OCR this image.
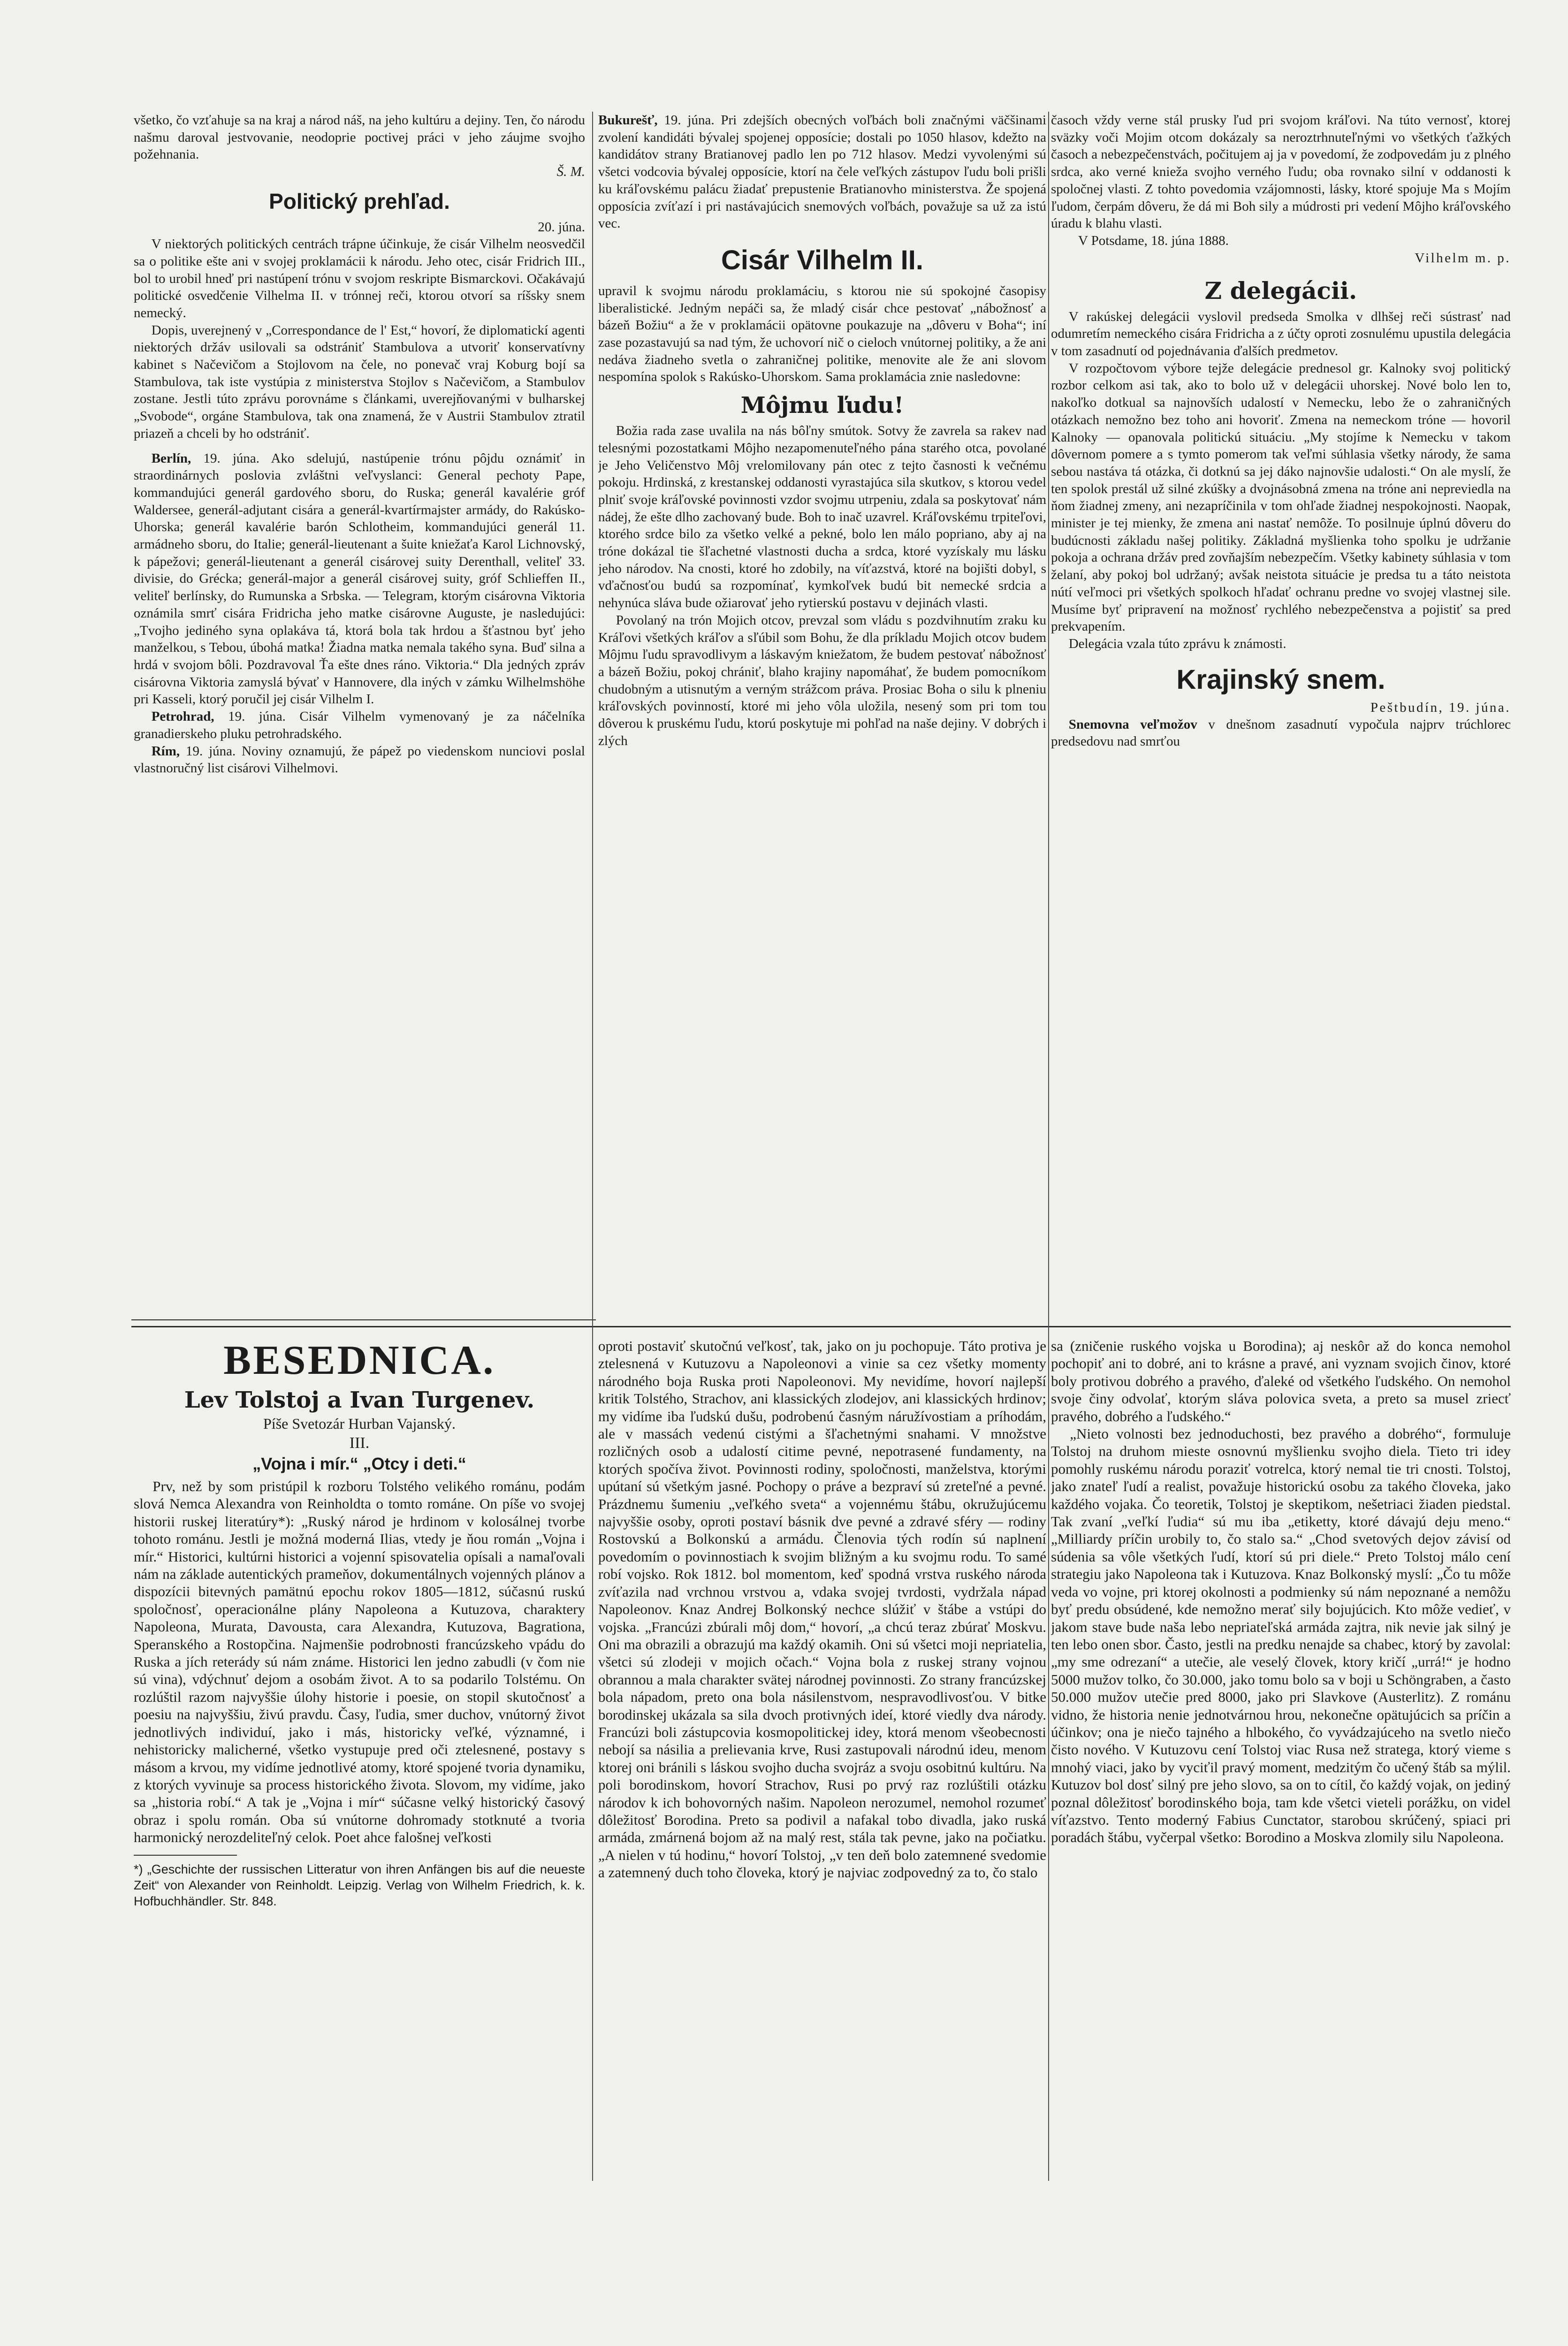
všetko, čo vzťahuje sa na kraj a národ náš, na jeho kultúru a dejiny. Ten, čo národu našmu daroval jestvovanie, neodoprie poctivej práci v jeho záujme svojho požehnania.

Š. M.
Politický prehľad.
20. júna.

V niektorých politických centrách trápne účinkuje, že cisár Vilhelm neosvedčil sa o politike ešte ani v svojej proklamácii k národu. Jeho otec, cisár Fridrich III., bol to urobil hneď pri nastúpení trónu v svojom reskripte Bismarckovi. Očakávajú politické osvedčenie Vilhelma II. v trónnej reči, ktorou otvorí sa ríšsky snem nemecký.

Dopis, uverejnený v „Correspondance de l' Est,“ hovorí, že diplomatickí agenti niektorých držáv usilovali sa odstrániť Stambulova a utvoriť konservatívny kabinet s Načevičom a Stojlovom na čele, no ponevač vraj Koburg bojí sa Stambulova, tak iste vystúpia z ministerstva Stojlov s Načevičom, a Stambulov zostane. Jestli túto zprávu porovnáme s článkami, uverejňovanými v bulharskej „Svobode“, orgáne Stambulova, tak ona znamená, že v Austrii Stambulov ztratil priazeň a chceli by ho odstrániť.

Berlín, 19. júna. Ako sdelujú, nastúpenie trónu pôjdu oznámiť in straordinárnych poslovia zvláštni veľvyslanci: General pechoty Pape, kommandujúci generál gardového sboru, do Ruska; generál kavalérie gróf Waldersee, generál-adjutant cisára a generál-kvartírmajster armády, do Rakúsko-Uhorska; generál kavalérie barón Schlotheim, kommandujúci generál 11. armádneho sboru, do Italie; generál-lieutenant a šuite kniežaťa Karol Lichnovský, k pápežovi; generál-lieutenant a generál cisárovej suity Derenthall, veliteľ 33. divisie, do Grécka; generál-major a generál cisárovej suity, gróf Schlieffen II., veliteľ berlínsky, do Rumunska a Srbska. — Telegram, ktorým cisárovna Viktoria oznámila smrť cisára Fridricha jeho matke cisárovne Auguste, je nasledujúci: „Tvojho jediného syna oplakáva tá, ktorá bola tak hrdou a šťastnou byť jeho manželkou, s Tebou, úbohá matka! Žiadna matka nemala takého syna. Buď silna a hrdá v svojom bôli. Pozdravoval Ťa ešte dnes ráno. Viktoria.“ Dla jedných zpráv cisárovna Viktoria zamyslá bývať v Hannovere, dla iných v zámku Wilhelmshöhe pri Kasseli, ktorý poručil jej cisár Vilhelm I.

Petrohrad, 19. júna. Cisár Vilhelm vymenovaný je za náčelníka granadierskeho pluku petrohradského.

Rím, 19. júna. Noviny oznamujú, že pápež po viedenskom nunciovi poslal vlastnoručný list cisárovi Vilhelmovi.

Bukurešť, 19. júna. Pri zdejších obecných voľbách boli značnými väčšinami zvolení kandidáti bývalej spojenej opposície; dostali po 1050 hlasov, kdežto na kandidátov strany Bratianovej padlo len po 712 hlasov. Medzi vyvolenými sú všetci vodcovia bývalej opposície, ktorí na čele veľkých zástupov ľudu boli prišli ku kráľovskému palácu žiadať prepustenie Bratianovho ministerstva. Že spojená opposícia zvíťazí i pri nastávajúcich snemových voľbách, považuje sa už za istú vec.

Cisár Vilhelm II.

upravil k svojmu národu proklamáciu, s ktorou nie sú spokojné časopisy liberalistické. Jedným nepáči sa, že mladý cisár chce pestovať „nábožnosť a bázeň Božiu“ a že v proklamácii opätovne poukazuje na „dôveru v Boha“; iní zase pozastavujú sa nad tým, že uchovorí nič o cieloch vnútornej politiky, a že ani nedáva žiadneho svetla o zahraničnej politike, menovite ale že ani slovom nespomína spolok s Rakúsko-Uhorskom. Sama proklamácia znie nasledovne:

Môjmu ľudu!

Božia rada zase uvalila na nás bôľny smútok. Sotvy že zavrela sa rakev nad telesnými pozostatkami Môjho nezapomenuteľného pána starého otca, povolané je Jeho Veličenstvo Môj vrelomilovany pán otec z tejto časnosti k večnému pokoju. Hrdinská, z krestanskej oddanosti vyrastajúca sila skutkov, s ktorou vedel plniť svoje kráľovské povinnosti vzdor svojmu utrpeniu, zdala sa poskytovať nám nádej, že ešte dlho zachovaný bude. Boh to inač uzavrel. Kráľovskému trpiteľovi, ktorého srdce bilo za všetko velké a pekné, bolo len málo popriano, aby aj na tróne dokázal tie šľachetné vlastnosti ducha a srdca, ktoré vyzískaly mu lásku jeho národov. Na cnosti, ktoré ho zdobily, na víťazstvá, ktoré na bojišti dobyl, s vďačnosťou budú sa rozpomínať, kymkoľvek budú bit nemecké srdcia a nehynúca sláva bude ožiarovať jeho rytierskú postavu v dejinách vlasti.

Povolaný na trón Mojich otcov, prevzal som vládu s pozdvihnutím zraku ku Kráľovi všetkých kráľov a sľúbil som Bohu, že dla príkladu Mojich otcov budem Môjmu ľudu spravodlivym a láskavým kniežatom, že budem pestovať nábožnosť a bázeň Božiu, pokoj chrániť, blaho krajiny napomáhať, že budem pomocníkom chudobným a utisnutým a verným strážcom práva. Prosiac Boha o silu k plneniu kráľovských povinností, ktoré mi jeho vôla uložila, nesený som pri tom tou dôverou k pruskému ľudu, ktorú poskytuje mi pohľad na naše dejiny. V dobrých i zlých

časoch vždy verne stál prusky ľud pri svojom kráľovi. Na túto vernosť, ktorej sväzky voči Mojim otcom dokázaly sa neroztrhnuteľnými vo všetkých ťažkých časoch a nebezpečenstvách, počitujem aj ja v povedomí, že zodpovedám ju z plného srdca, ako verné knieža svojho verného ľudu; oba rovnako silní v oddanosti k spoločnej vlasti. Z tohto povedomia vzájomnosti, lásky, ktoré spojuje Ma s Mojím ľudom, čerpám dôveru, že dá mi Boh sily a múdrosti pri vedení Môjho kráľovského úradu k blahu vlasti.

V Potsdame, 18. júna 1888.

Vilhelm m. p.
Z delegácii.

V rakúskej delegácii vyslovil predseda Smolka v dlhšej reči sústrasť nad odumretím nemeckého cisára Fridricha a z účty oproti zosnulému upustila delegácia v tom zasadnutí od pojednávania ďalších predmetov.

V rozpočtovom výbore tejže delegácie prednesol gr. Kalnoky svoj politický rozbor celkom asi tak, ako to bolo už v delegácii uhorskej. Nové bolo len to, nakoľko dotkual sa najnovších udalostí v Nemecku, lebo že o zahraničných otázkach nemožno bez toho ani hovoriť. Zmena na nemeckom tróne — hovoril Kalnoky — opanovala politickú situáciu. „My stojíme k Nemecku v takom dôvernom pomere a s tymto pomerom tak veľmi súhlasia všetky národy, že sama sebou nastáva tá otázka, či dotknú sa jej dáko najnovšie udalosti.“ On ale myslí, že ten spolok prestál už silné zkúšky a dvojnásobná zmena na tróne ani nepreviedla na ňom žiadnej zmeny, ani nezapríčinila v tom ohľade žiadnej nespokojnosti. Naopak, minister je tej mienky, že zmena ani nastať nemôže. To posilnuje úplnú dôveru do budúcnosti základu našej politiky. Základná myšlienka toho spolku je udržanie pokoja a ochrana držáv pred zovňajším nebezpečím. Všetky kabinety súhlasia v tom želaní, aby pokoj bol udržaný; avšak neistota situácie je predsa tu a táto neistota nútí veľmoci pri všetkých spolkoch hľadať ochranu predne vo svojej vlastnej sile. Musíme byť pripravení na možnosť rychlého nebezpečenstva a pojistiť sa pred prekvapením.

Delegácia vzala túto zprávu k známosti.

Krajinský snem.
Peštbudín, 19. júna.

Snemovna veľmožov v dnešnom zasadnutí vypočula najprv trúchlorec predsedovu nad smrťou

BESEDNICA.
Lev Tolstoj a Ivan Turgenev.
Píše Svetozár Hurban Vajanský.
III.
„Vojna i mír.“ „Otcy i deti.“

Prv, než by som pristúpil k rozboru Tolstého velikého románu, podám slová Nemca Alexandra von Reinholdta o tomto románe. On píše vo svojej historii ruskej literatúry*): „Ruský národ je hrdinom v kolosálnej tvorbe tohoto románu. Jestli je možná moderná Ilias, vtedy je ňou román „Vojna i mír.“ Historici, kultúrni historici a vojenní spisovatelia opísali a namaľovali nám na základe autentických prameňov, dokumentálnych vojenných plánov a dispozícii bitevných pamätnú epochu rokov 1805—1812, súčasnú ruskú spoločnosť, operacionálne plány Napoleona a Kutuzova, charaktery Napoleona, Murata, Davousta, cara Alexandra, Kutuzova, Bagrationa, Speranského a Rostopčina. Najmenšie podrobnosti francúzskeho vpádu do Ruska a jích reterády sú nám známe. Historici len jedno zabudli (v čom nie sú vina), vdýchnuť dejom a osobám život. A to sa podarilo Tolstému. On rozlúštil razom najvyššie úlohy historie i poesie, on stopil skutočnosť a poesiu na najvyššiu, živú pravdu. Časy, ľudia, smer duchov, vnútorný život jednotlivých individuí, jako i más, historicky veľké, významné, i nehistoricky malicherné, všetko vystupuje pred oči ztelesnené, postavy s másom a krvou, my vidíme jednotlivé atomy, ktoré spojené tvoria dynamiku, z ktorých vyvinuje sa process historického života. Slovom, my vidíme, jako sa „historia robí.“ A tak je „Vojna i mír“ súčasne velký historický časový obraz i spolu román. Oba sú vnútorne dohromady stotknuté a tvoria harmonický nerozdeliteľný celok. Poet ahce falošnej veľkosti

*) „Geschichte der russischen Litteratur von ihren Anfängen bis auf die neueste Zeit“ von Alexander von Reinholdt. Leipzig. Verlag von Wilhelm Friedrich, k. k. Hofbuchhändler. Str. 848.

oproti postaviť skutočnú veľkosť, tak, jako on ju pochopuje. Táto protiva je ztelesnená v Kutuzovu a Napoleonovi a vinie sa cez všetky momenty národného boja Ruska proti Napoleonovi. My nevidíme, hovorí najlepší kritik Tolstého, Strachov, ani klassických zlodejov, ani klassických hrdinov; my vidíme iba ľudskú dušu, podrobenú časným náružívostiam a príhodám, ale v massách vedenú cistými a šľachetnými snahami. V množstve rozličných osob a udalostí citime pevné, nepotrasené fundamenty, na ktorých spočíva život. Povinnosti rodiny, spoločnosti, manželstva, ktorými upútaní sú všetkým jasné. Pochopy o práve a bezpraví sú zreteľné a pevné. Prázdnemu šumeniu „veľkého sveta“ a vojennému štábu, okružujúcemu najvyššie osoby, oproti postaví básnik dve pevné a zdravé sféry — rodiny Rostovskú a Bolkonskú a armádu. Členovia tých rodín sú naplnení povedomím o povinnostiach k svojim bližným a ku svojmu rodu. To samé robí vojsko. Rok 1812. bol momentom, keď spodná vrstva ruského národa zvíťazila nad vrchnou vrstvou a, vdaka svojej tvrdosti, vydržala nápad Napoleonov. Knaz Andrej Bolkonský nechce slúžiť v štábe a vstúpi do vojska. „Francúzi zbúrali môj dom,“ hovorí, „a chcú teraz zbúrať Moskvu. Oni ma obrazili a obrazujú ma každý okamih. Oni sú všetci moji nepriatelia, všetci sú zlodeji v mojich očach.“ Vojna bola z ruskej strany vojnou obrannou a mala charakter svätej národnej povinnosti. Zo strany francúzskej bola nápadom, preto ona bola násilenstvom, nespravodlivosťou. V bitke borodinskej ukázala sa sila dvoch protivných ideí, ktoré viedly dva národy. Francúzi boli zástupcovia kosmopolitickej idey, ktorá menom všeobecnosti nebojí sa násilia a prelievania krve, Rusi zastupovali národnú ideu, menom ktorej oni bránili s láskou svojho ducha svojráz a svoju osobitnú kultúru. Na poli borodinskom, hovorí Strachov, Rusi po prvý raz rozlúštili otázku národov k ich bohovorných našim. Napoleon nerozumel, nemohol rozumeť dôležitosť Borodina. Preto sa podivil a nafakal tobo divadla, jako ruská armáda, zmárnená bojom až na malý rest, stála tak pevne, jako na počiatku. „A nielen v tú hodinu,“ hovorí Tolstoj, „v ten deň bolo zatemnené svedomie a zatemnený duch toho človeka, ktorý je najviac zodpovedný za to, čo stalo

sa (zničenie ruského vojska u Borodina); aj neskôr až do konca nemohol pochopiť ani to dobré, ani to krásne a pravé, ani vyznam svojich činov, ktoré boly protivou dobrého a pravého, ďaleké od všetkého ľudského. On nemohol svoje činy odvolať, ktorým sláva polovica sveta, a preto sa musel zriecť pravého, dobrého a ľudského.“

„Nieto volnosti bez jednoduchosti, bez pravého a dobrého“, formuluje Tolstoj na druhom mieste osnovnú myšlienku svojho diela. Tieto tri idey pomohly ruskému národu poraziť votrelca, ktorý nemal tie tri cnosti. Tolstoj, jako znateľ ľudí a realist, považuje historickú osobu za takého človeka, jako každého vojaka. Čo teoretik, Tolstoj je skeptikom, nešetriaci žiaden piedstal. Tak zvaní „veľkí ľudia“ sú mu iba „etiketty, ktoré dávajú deju meno.“ „Milliardy príčin urobily to, čo stalo sa.“ „Chod svetových dejov závisí od súdenia sa vôle všetkých ľudí, ktorí sú pri diele.“ Preto Tolstoj málo cení strategiu jako Napoleona tak i Kutuzova. Knaz Bolkonský myslí: „Čo tu môže veda vo vojne, pri ktorej okolnosti a podmienky sú nám nepoznané a nemôžu byť predu obsúdené, kde nemožno merať sily bojujúcich. Kto môže vedieť, v jakom stave bude naša lebo nepriateľská armáda zajtra, nik nevie jak silný je ten lebo onen sbor. Často, jestli na predku nenajde sa chabec, ktorý by zavolal: „my sme odrezaní“ a utečie, ale veselý človek, ktory kričí „urrá!“ je hodno 5000 mužov tolko, čo 30.000, jako tomu bolo sa v boji u Schöngraben, a často 50.000 mužov utečie pred 8000, jako pri Slavkove (Austerlitz). Z románu vidno, že historia nenie jednotvárnou hrou, nekonečne opätujúcich sa príčin a účinkov; ona je niečo tajného a hlbokého, čo vyvádzajúceho na svetlo niečo čisto nového. V Kutuzovu cení Tolstoj viac Rusa než stratega, ktorý vieme s mnohý viaci, jako by vyciťil pravý moment, medzitým čo učený štáb sa mýlil. Kutuzov bol dosť silný pre jeho slovo, sa on to cítil, čo každý vojak, on jediný poznal dôležitosť borodinského boja, tam kde všetci vieteli porážku, on videl víťazstvo. Tento moderný Fabius Cunctator, starobou skrúčený, spiaci pri poradách štábu, vyčerpal všetko: Borodino a Moskva zlomily silu Napoleona.
